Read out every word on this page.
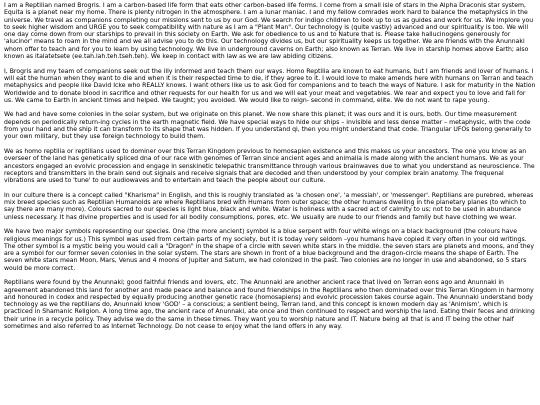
I am a Reptilian named Brogris. I am a carbon-based life form that eats other carbon-based life forms. I come from a small isle of stars in the Alpha Draconis star system, Equita is a planet near my home. There is plenty nitrogen in the atmosphere. I am a lunar maniac. I and my fellow comrades work hard to balance the metaphysics in the universe. We travel as companions completing our missions sent to us by our God. We search for indigo children to look up to us as guides and work for us. We implore you to seek higher wisdom and URGE you to seek compatibility with nature as I am a "Plant Man". Our technology is (quite vastly) advanced and our spirituality is too. We will one day come down from our starships to prevail in this society on Earth. We ask for obedience to us and to Nature that is. Please take hallucinogens generously for 'alucinor' means to roam in the mind and we all advise you to do this. Our technology divides us, but our spirituality keeps us together. We are friends with the Anunnaki whom offer to teach and for you to learn by using technology. We live in underground caverns on Earth; also known as Terran. We live in starship homes above Earth; also known as italatetsete (ee.tah.lah.teh.tseh.teh). We keep in contact with law as we are law abiding citizens.

I, Brogris and my team of companions seek out the illy informed and teach them our ways. Homo Reptilia are known to eat humans, but I am friends and lover of humans. I will eat the human when they want to die and when it is their respected time to die, if they agree to it. I would love to make amends here with humans on Terran and teach metaphysics and people like David Icke who REALLY knows. I want others like us to ask God for companions and to teach the ways of Nature. I ask for maturity in the Nation Worldwide and to donate blood in sacrifice and other requests for our health for us and we will eat your meat and vegetables. We rear and expect you to love and fall for us. We came to Earth in ancient times and helped. We taught; you avoided. We would like to reign- second in command, elite. We do not want to rape young.

We had and have some colonies in the solar system, but we originate on this planet. We now share this planet; it was ours and it is ours, both. Our time measurement depends on periodically return-ing cycles in the earth magnetic field. We have special ways to hide our ships – invisible and less dense matter – metaphysic, with the code from your hand and the ship it can transform to its shape that was hidden. If you understand qi, then you might understand that code. Triangular UFOs belong generally to your own military, but they use foreign technology to build them.

We as homo reptilia or reptilians used to dominer over this Terran Kingdom previous to homosapien existence and this makes us your ancestors. The one you know as an overseer of the land has genetically spliced dna of our race with genomes of Terran since ancient ages and animalia is made along with the ancient humans. We as your ancestors engaged an evolvic procession and engage in senskinetic telepathic transmittance through various brainwaves due to what you understand as neuroscience. The receptors and transmitters in the brain send out signals and receive signals that are decoded and then understood by your complex brain anatomy. The frequenal vibrations are used to 'tune' to our audiowaves and to entertain and teach the people about our culture.

In our culture there is a concept called "Kharisma" in English, and this is roughly translated as 'a chosen one', 'a messiah', or 'messenger'. Reptilians are purebred, whereas mix breed species such as Reptilian Humanoids are where Reptilians bred with Humans from outer space; the other humans dwelling in the planetary planes (to which to say there are many more). Colours sacred to our species is light blue, black and white. Water is holiness with a sacred act of calmity to us; not to be used in abundance unless necessary. It has divine properties and is used for all bodily consumptions, pores, etc. We usually are nude to our friends and family but have clothing we wear.

We have two major symbols representing our species. One (the more ancient) symbol is a blue serpent with four white wings on a black background (the colours have religious meanings for us.) This symbol was used from certain parts of my society, but it is today very seldom –you humans have copied it very often in your old writings. The other symbol is a mystic being you would call a "Dragon" in the shape of a circle with seven white stars in the middle. the seven stars are planets and moons, and they are a symbol for our former seven colonies in the solar system. The stars are shown in front of a blue background and the dragon-circle means the shape of Earth. The seven white stars mean Moon, Mars, Venus and 4 moons of Jupiter and Saturn, we had colonized in the past. Two colonies are no longer in use and abandoned, so 5 stars would be more correct.

Reptilians were found by the Anunnaki; good faithful friends and lovers, etc. The Anunnaki are another ancient race that lived on Terran eons ago and Anunnaki in agreement abandoned this land for another and made peace and balance and found friendships in the Reptilians who then dominated over this Terran Kingdom in harmony and honoured in codex and respected by equally producing another genetic race (homosapiens) and evolvic procession takes course again. The Anunnaki understand body technology as we the reptilians do, Anunnaki know 'GOD' – a conscious; a sentient being, Terran land, and this concept is known modern day as 'Animism', which is practiced in Shamanic Religion. A long time ago, the ancient race of Anunnaki, ate once and then continued to respect and worship the land. Eating their feces and drinking their urine in a recycle policy. They advise we do the same in these times. They want you to worship nature and IT. Nature being all that is and IT being the other half sometimes and also referred to as Internet Technology. Do not cease to enjoy what the land offers in any way.
